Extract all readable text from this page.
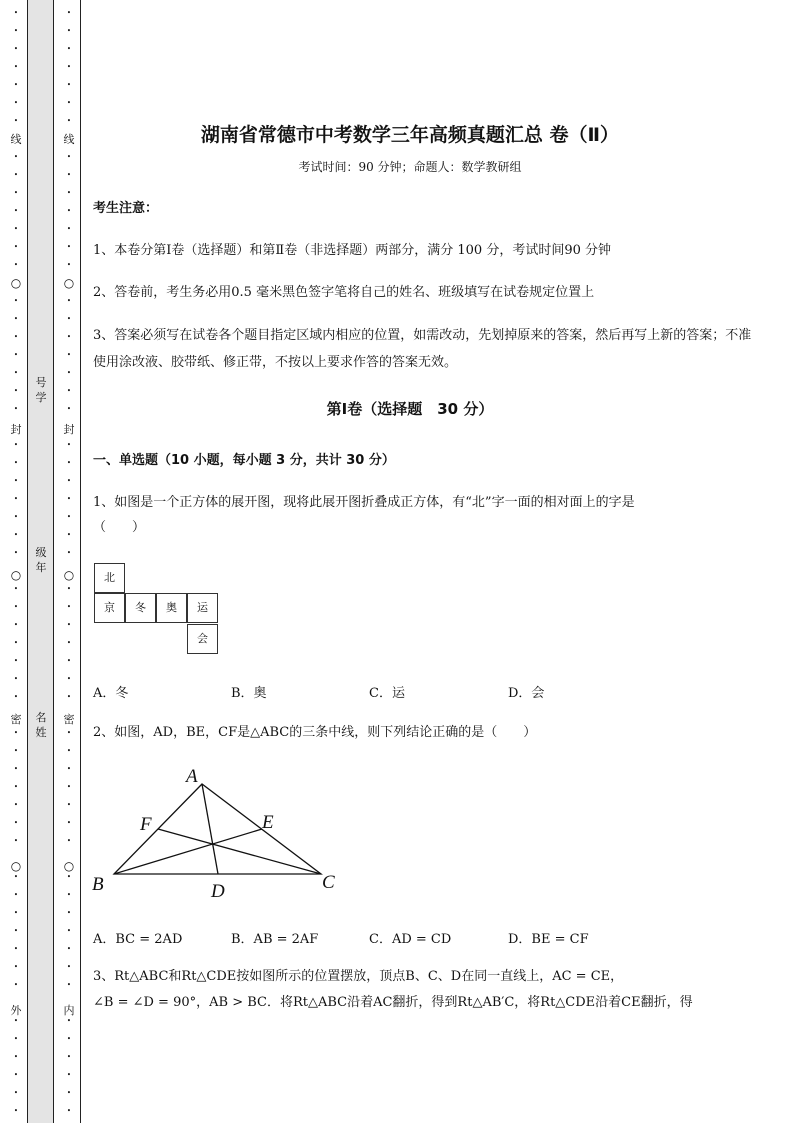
•
•
•
•
•
•
•
线
•
•
•
•
•
•
•
○
•
•
•
•
•
•
•
封
•
•
•
•
•
•
•
○
•
•
•
•
•
•
•
密
•
•
•
•
•
•
•
○
•
•
•
•
•
•
•
外
•
•
•
•
•
•
•
•
•
•
•
•
•
线
•
•
•
•
•
•
•
○
•
•
•
•
•
•
•
封
•
•
•
•
•
•
•
○
•
•
•
•
•
•
•
密
•
•
•
•
•
•
•
○
•
•
•
•
•
•
•
内
•
•
•
•
•
•
号
学
级
年
名
姓
湖南省常德市中考数学三年高频真题汇总 卷（Ⅱ）
考试时间：90 分钟；命题人：数学教研组
考生注意：
1、本卷分第Ⅰ卷（选择题）和第Ⅱ卷（非选择题）两部分，满分 100 分，考试时间90 分钟
2、答卷前，考生务必用0.5 毫米黑色签字笔将自己的姓名、班级填写在试卷规定位置上
3、答案必须写在试卷各个题目指定区域内相应的位置，如需改动，先划掉原来的答案，然后再写上新的答案；不准使用涂改液、胶带纸、修正带，不按以上要求作答的答案无效。
第Ⅰ卷（选择题　30 分）
一、单选题（10 小题，每小题 3 分，共计 30 分）
1、如图是一个正方体的展开图，现将此展开图折叠成正方体，有“北”字一面的相对面上的字是
（　　）
北
京	冬	奥	运
会
A．冬	B．奥	C．运	D．会
2、如图，AD，BE，CF是△ABC的三条中线，则下列结论正确的是（　　）
A
B	C
D
E
F
A．BC = 2AD	B．AB = 2AF	C．AD = CD	D．BE = CF
3、Rt△ABC和Rt△CDE按如图所示的位置摆放，顶点B、C、D在同一直线上，AC = CE，
∠B = ∠D = 90°，AB > BC．将Rt△ABC沿着AC翻折，得到Rt△AB′C，将Rt△CDE沿着CE翻折，得
